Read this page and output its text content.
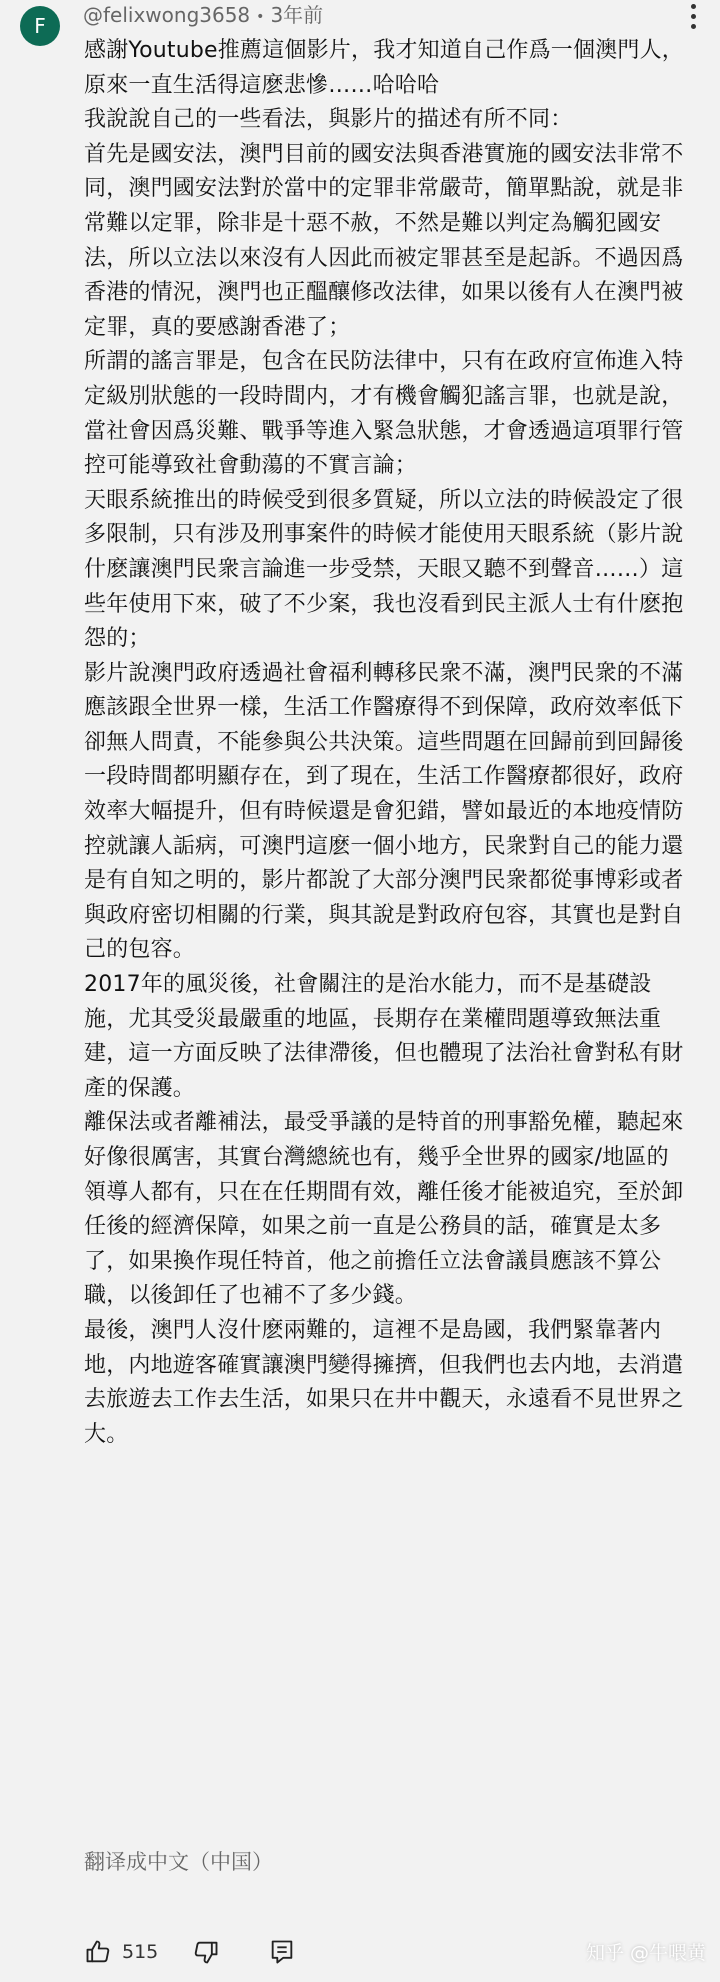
F	@felixwong3658 • 3年前

感謝Youtube推薦這個影片，我才知道自己作爲一個澳門人，原來一直生活得這麽悲慘……哈哈哈

我說說自己的一些看法，與影片的描述有所不同：

首先是國安法，澳門目前的國安法與香港實施的國安法非常不同，澳門國安法對於當中的定罪非常嚴苛，簡單點說，就是非常難以定罪，除非是十惡不赦，不然是難以判定為觸犯國安法，所以立法以來沒有人因此而被定罪甚至是起訴。不過因爲香港的情況，澳門也正醞釀修改法律，如果以後有人在澳門被定罪，真的要感謝香港了；

所謂的謠言罪是，包含在民防法律中，只有在政府宣佈進入特定級別狀態的一段時間内，才有機會觸犯謠言罪，也就是說，當社會因爲災難、戰爭等進入緊急狀態，才會透過這項罪行管控可能導致社會動蕩的不實言論；

天眼系統推出的時候受到很多質疑，所以立法的時候設定了很多限制，只有涉及刑事案件的時候才能使用天眼系統（影片說什麽讓澳門民衆言論進一步受禁，天眼又聽不到聲音……）這些年使用下來，破了不少案，我也沒看到民主派人士有什麽抱怨的；

影片說澳門政府透過社會福利轉移民衆不滿，澳門民衆的不滿應該跟全世界一樣，生活工作醫療得不到保障，政府效率低下卻無人問責，不能參與公共決策。這些問題在回歸前到回歸後一段時間都明顯存在，到了現在，生活工作醫療都很好，政府效率大幅提升，但有時候還是會犯錯，譬如最近的本地疫情防控就讓人詬病，可澳門這麽一個小地方，民衆對自己的能力還是有自知之明的，影片都說了大部分澳門民衆都從事博彩或者與政府密切相關的行業，與其說是對政府包容，其實也是對自己的包容。

2017年的風災後，社會關注的是治水能力，而不是基礎設施，尤其受災最嚴重的地區，長期存在業權問題導致無法重建，這一方面反映了法律滯後，但也體現了法治社會對私有財產的保護。

離保法或者離補法，最受爭議的是特首的刑事豁免權，聽起來好像很厲害，其實台灣總統也有，幾乎全世界的國家/地區的領導人都有，只在在任期間有效，離任後才能被追究，至於卸任後的經濟保障，如果之前一直是公務員的話，確實是太多了，如果換作現任特首，他之前擔任立法會議員應該不算公職，以後卸任了也補不了多少錢。

最後，澳門人沒什麽兩難的，這裡不是島國，我們緊靠著内地，内地遊客確實讓澳門變得擁擠，但我們也去内地，去消遣去旅遊去工作去生活，如果只在井中觀天，永遠看不見世界之大。

翻译成中文（中国）
515	知乎 @牛喂黄
